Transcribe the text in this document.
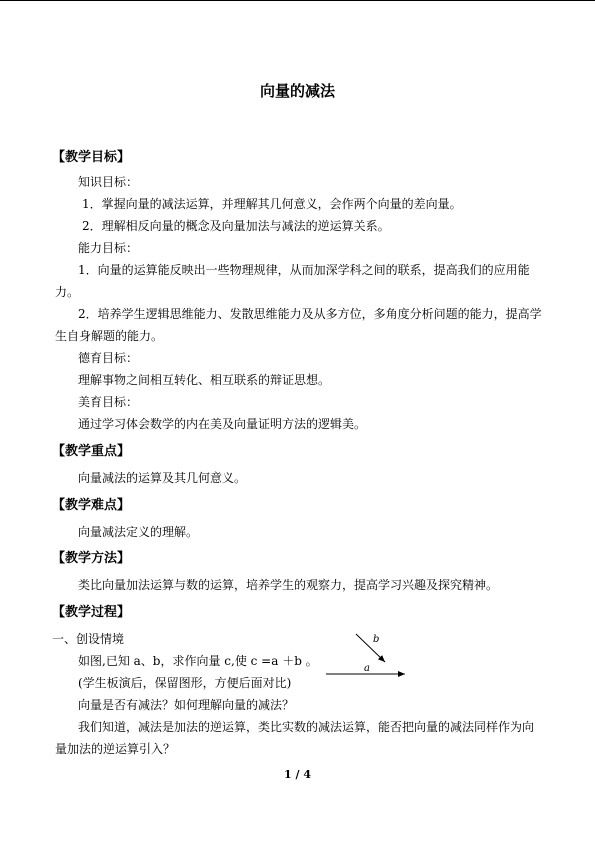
向量的减法
【教学目标】
知识目标：
1．掌握向量的减法运算，并理解其几何意义，会作两个向量的差向量。
2．理解相反向量的概念及向量加法与减法的逆运算关系。
能力目标：
1．向量的运算能反映出一些物理规律，从而加深学科之间的联系，提高我们的应用能
力。
2．培养学生逻辑思维能力、发散思维能力及从多方位，多角度分析问题的能力，提高学
生自身解题的能力。
德育目标：
理解事物之间相互转化、相互联系的辩证思想。
美育目标：
通过学习体会数学的内在美及向量证明方法的逻辑美。
【教学重点】
向量减法的运算及其几何意义。
【教学难点】
向量减法定义的理解。
【教学方法】
类比向量加法运算与数的运算，培养学生的观察力，提高学习兴趣及探究精神。
【教学过程】
一、创设情境
如图,已知 a、b，求作向量 c,使 c =a ＋b 。
(学生板演后，保留图形，方便后面对比)
向量是否有减法？如何理解向量的减法？
我们知道，减法是加法的逆运算，类比实数的减法运算，能否把向量的减法同样作为向
量加法的逆运算引入？
b
a
1 / 4
